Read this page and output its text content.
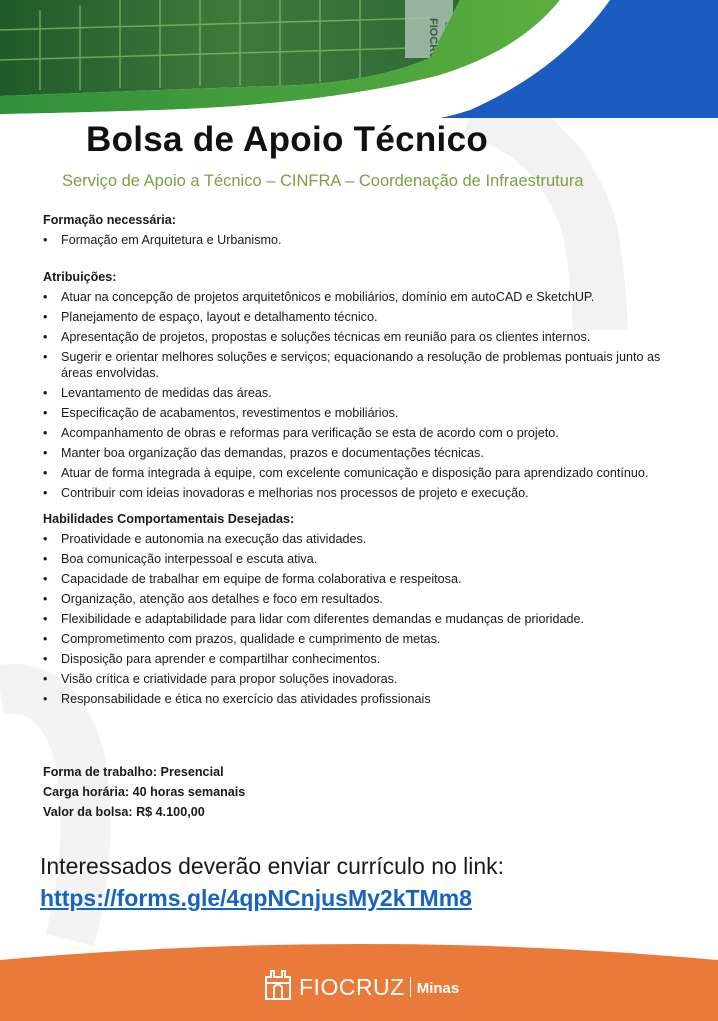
FIOCRUZ
Bolsa de Apoio Técnico
Serviço de Apoio a Técnico – CINFRA – Coordenação de Infraestrutura
Formação necessária:
• Formação em Arquitetura e Urbanismo.
Atribuições:
• Atuar na concepção de projetos arquitetônicos e mobiliários, domínio em autoCAD e SketchUP.
• Planejamento de espaço, layout e detalhamento técnico.
• Apresentação de projetos, propostas e soluções técnicas em reunião para os clientes internos.
• Sugerir e orientar melhores soluções e serviços; equacionando a resolução de problemas pontuais junto as áreas envolvidas.
• Levantamento de medidas das áreas.
• Especificação de acabamentos, revestimentos e mobiliários.
• Acompanhamento de obras e reformas para verificação se esta de acordo com o projeto.
• Manter boa organização das demandas, prazos e documentações técnicas.
• Atuar de forma integrada à equipe, com excelente comunicação e disposição para aprendizado contínuo.
• Contribuir com ideias inovadoras e melhorias nos processos de projeto e execução.
Habilidades Comportamentais Desejadas:
• Proatividade e autonomia na execução das atividades.
• Boa comunicação interpessoal e escuta ativa.
• Capacidade de trabalhar em equipe de forma colaborativa e respeitosa.
• Organização, atenção aos detalhes e foco em resultados.
• Flexibilidade e adaptabilidade para lidar com diferentes demandas e mudanças de prioridade.
• Comprometimento com prazos, qualidade e cumprimento de metas.
• Disposição para aprender e compartilhar conhecimentos.
• Visão crítica e criatividade para propor soluções inovadoras.
• Responsabilidade e ética no exercício das atividades profissionais
Forma de trabalho: Presencial
Carga horária: 40 horas semanais
Valor da bolsa: R$ 4.100,00
Interessados deverão enviar currículo no link:
https://forms.gle/4qpNCnjusMy2kTMm8
FIOCRUZ Minas
